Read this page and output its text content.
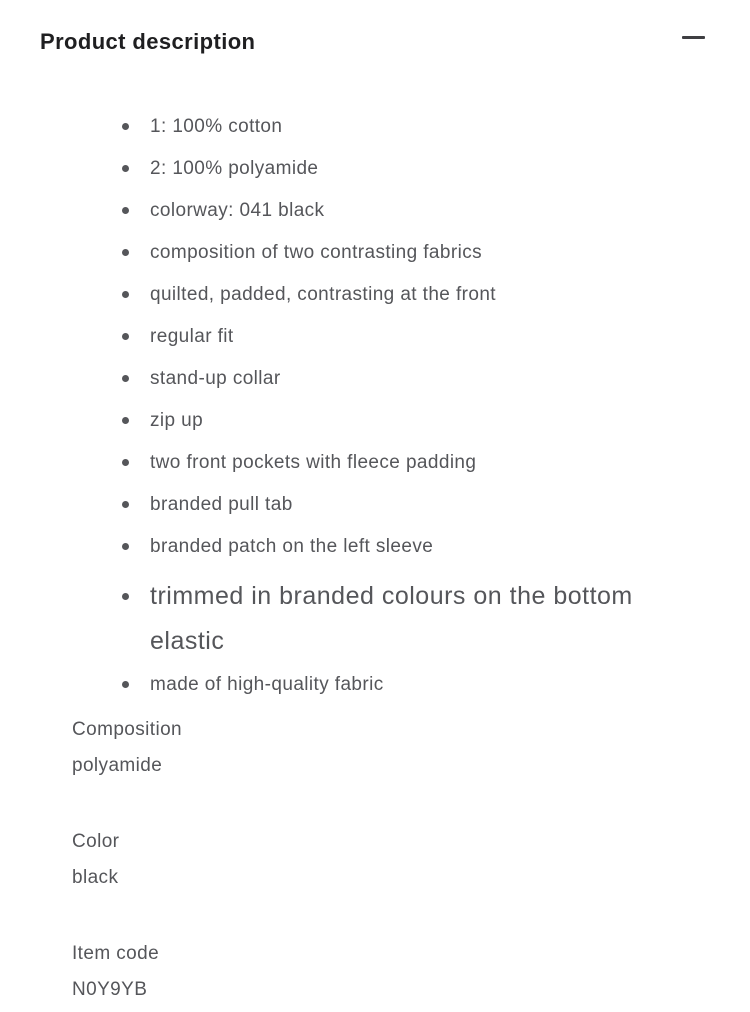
Product description
1: 100% cotton
2: 100% polyamide
colorway: 041 black
composition of two contrasting fabrics
quilted, padded, contrasting at the front
regular fit
stand-up collar
zip up
two front pockets with fleece padding
branded pull tab
branded patch on the left sleeve
trimmed in branded colours on the bottom elastic
made of high-quality fabric
Composition
polyamide
Color
black
Item code
N0Y9YB
